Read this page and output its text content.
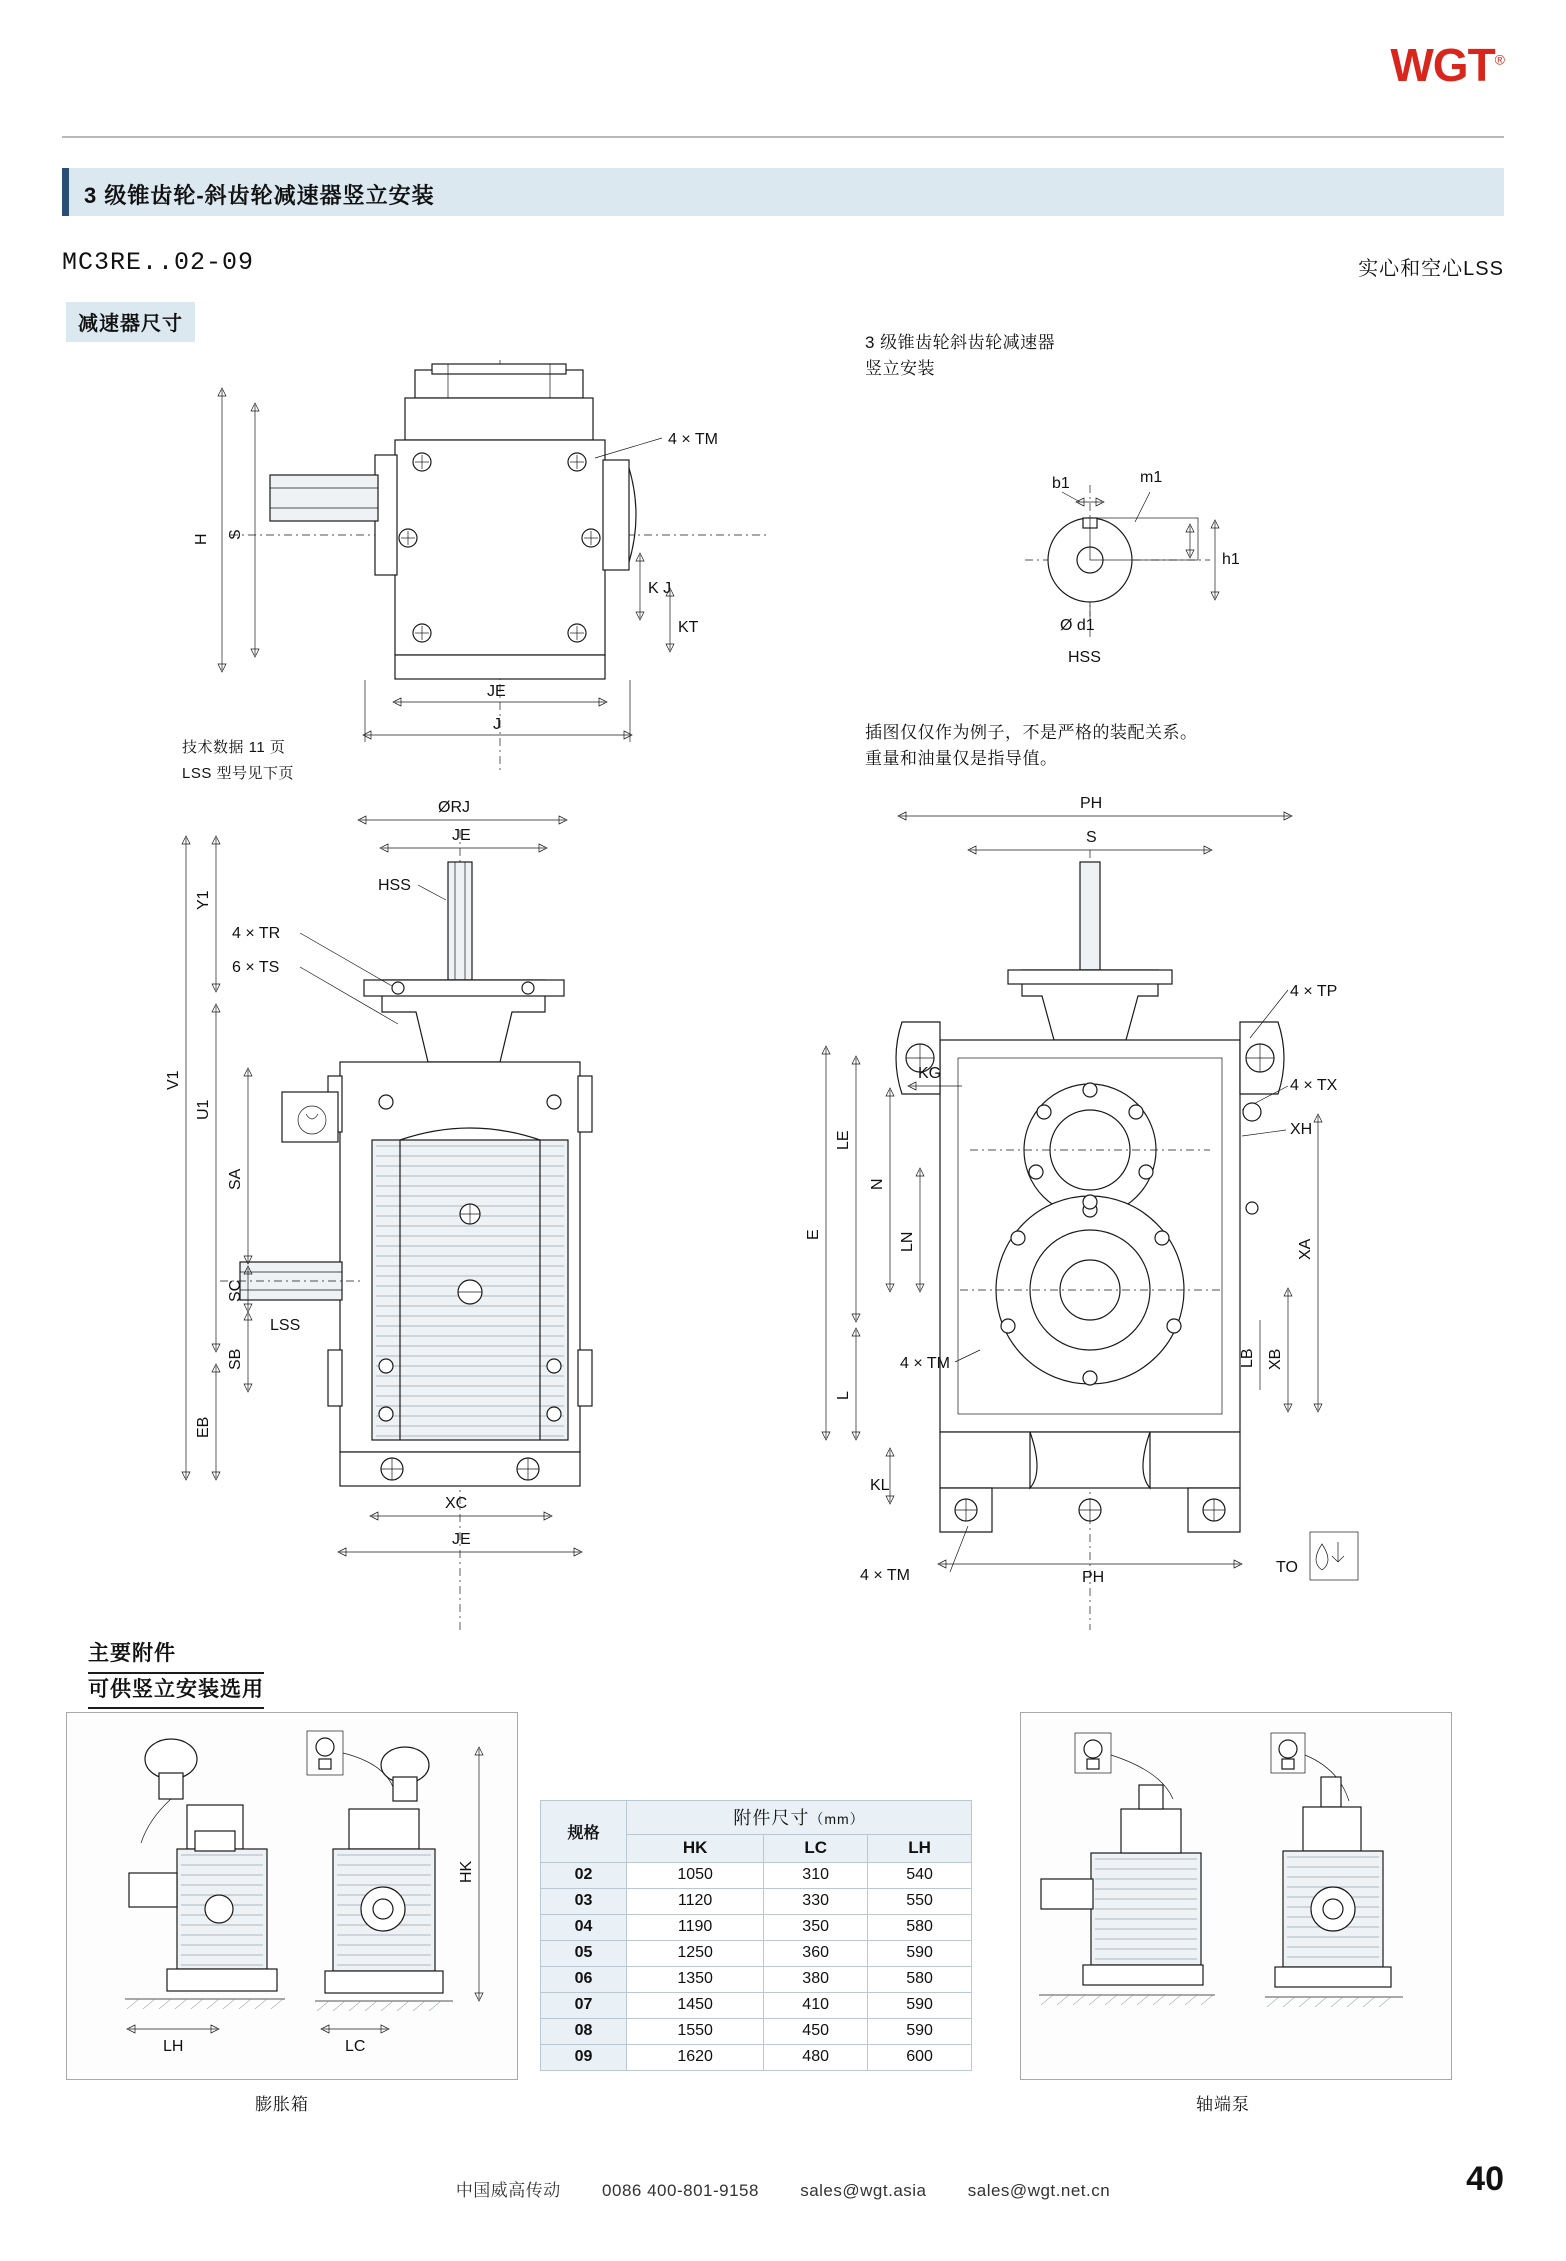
WGT®
3 级锥齿轮-斜齿轮减速器竖立安装
MC3RE..02-09	实心和空心LSS
减速器尺寸
3 级锥齿轮斜齿轮减速器
竖立安装
插图仅仅作为例子，不是严格的装配关系。
重量和油量仅是指导值。
技术数据 11 页
LSS 型号见下页
4 × TM
H S
K J
KT
JE
J
b1	m1
h1
Ø d1
HSS
ØRJ
JE
HSS
4 × TR
6 × TS
LSS
V1
Y1
U1
SA
SC
SB
EB
XC
JE
PH
S
4 × TP
4 × TX
XH
XA
XB
LB
E
LE
L
N
LN
KG
KL
4 × TM
4 × TM	PH
TO
主要附件
可供竖立安装选用
LH	LC
HK
膨胀箱	轴端泵
规格	附件尺寸（mm）		
	HK	LC	LH
02	1050	310	540
03	1120	330	550
04	1190	350	580
05	1250	360	590
06	1350	380	580
07	1450	410	590
08	1550	450	590
09	1620	480	600
中国威高传动 0086 400-801-9158 sales@wgt.asia sales@wgt.net.cn	40
